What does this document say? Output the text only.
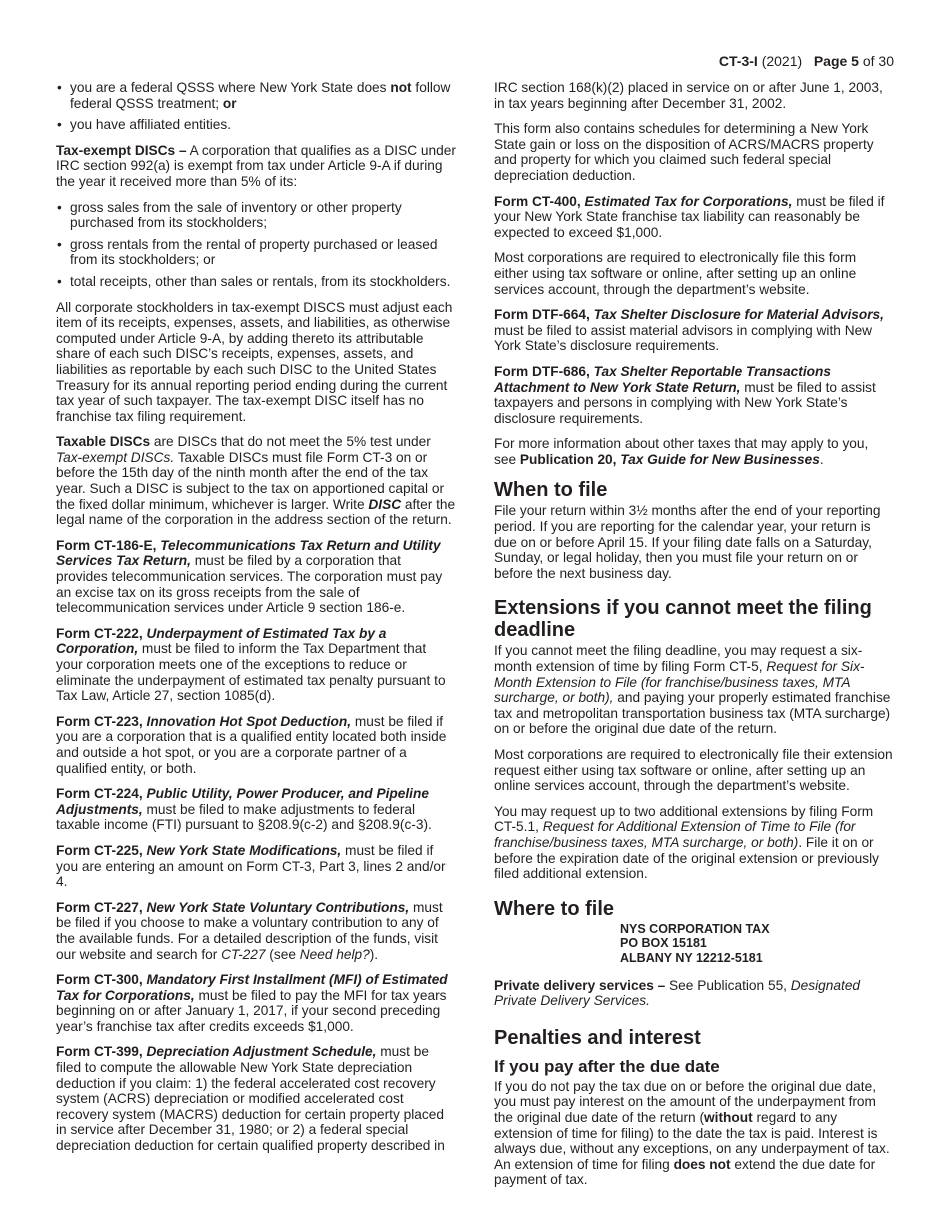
CT-3-I (2021) Page 5 of 30
• you are a federal QSSS where New York State does not follow federal QSSS treatment; or
• you have affiliated entities.

Tax-exempt DISCs – A corporation that qualifies as a DISC under IRC section 992(a) is exempt from tax under Article 9-A if during the year it received more than 5% of its:

• gross sales from the sale of inventory or other property purchased from its stockholders;
• gross rentals from the rental of property purchased or leased from its stockholders; or
• total receipts, other than sales or rentals, from its stockholders.

All corporate stockholders in tax-exempt DISCS must adjust each item of its receipts, expenses, assets, and liabilities, as otherwise computed under Article 9-A, by adding thereto its attributable share of each such DISC’s receipts, expenses, assets, and liabilities as reportable by each such DISC to the United States Treasury for its annual reporting period ending during the current tax year of such taxpayer. The tax-exempt DISC itself has no franchise tax filing requirement.

Taxable DISCs are DISCs that do not meet the 5% test under Tax-exempt DISCs. Taxable DISCs must file Form CT-3 on or before the 15th day of the ninth month after the end of the tax year. Such a DISC is subject to the tax on apportioned capital or the fixed dollar minimum, whichever is larger. Write DISC after the legal name of the corporation in the address section of the return.

Form CT-186-E, Telecommunications Tax Return and Utility Services Tax Return, must be filed by a corporation that provides telecommunication services. The corporation must pay an excise tax on its gross receipts from the sale of telecommunication services under Article 9 section 186-e.

Form CT-222, Underpayment of Estimated Tax by a Corporation, must be filed to inform the Tax Department that your corporation meets one of the exceptions to reduce or eliminate the underpayment of estimated tax penalty pursuant to Tax Law, Article 27, section 1085(d).

Form CT-223, Innovation Hot Spot Deduction, must be filed if you are a corporation that is a qualified entity located both inside and outside a hot spot, or you are a corporate partner of a qualified entity, or both.

Form CT-224, Public Utility, Power Producer, and Pipeline Adjustments, must be filed to make adjustments to federal taxable income (FTI) pursuant to §208.9(c-2) and §208.9(c-3).

Form CT-225, New York State Modifications, must be filed if you are entering an amount on Form CT-3, Part 3, lines 2 and/or 4.

Form CT-227, New York State Voluntary Contributions, must be filed if you choose to make a voluntary contribution to any of the available funds. For a detailed description of the funds, visit our website and search for CT-227 (see Need help?).

Form CT-300, Mandatory First Installment (MFI) of Estimated Tax for Corporations, must be filed to pay the MFI for tax years beginning on or after January 1, 2017, if your second preceding year’s franchise tax after credits exceeds $1,000.

Form CT-399, Depreciation Adjustment Schedule, must be filed to compute the allowable New York State depreciation deduction if you claim: 1) the federal accelerated cost recovery system (ACRS) depreciation or modified accelerated cost recovery system (MACRS) deduction for certain property placed in service after December 31, 1980; or 2) a federal special depreciation deduction for certain qualified property described in

IRC section 168(k)(2) placed in service on or after June 1, 2003, in tax years beginning after December 31, 2002.

This form also contains schedules for determining a New York State gain or loss on the disposition of ACRS/MACRS property and property for which you claimed such federal special depreciation deduction.

Form CT-400, Estimated Tax for Corporations, must be filed if your New York State franchise tax liability can reasonably be expected to exceed $1,000.

Most corporations are required to electronically file this form either using tax software or online, after setting up an online services account, through the department’s website.

Form DTF-664, Tax Shelter Disclosure for Material Advisors, must be filed to assist material advisors in complying with New York State’s disclosure requirements.

Form DTF-686, Tax Shelter Reportable Transactions Attachment to New York State Return, must be filed to assist taxpayers and persons in complying with New York State’s disclosure requirements.

For more information about other taxes that may apply to you, see Publication 20, Tax Guide for New Businesses.

When to file

File your return within 3½ months after the end of your reporting period. If you are reporting for the calendar year, your return is due on or before April 15. If your filing date falls on a Saturday, Sunday, or legal holiday, then you must file your return on or before the next business day.

Extensions if you cannot meet the filing deadline

If you cannot meet the filing deadline, you may request a six-month extension of time by filing Form CT-5, Request for Six-Month Extension to File (for franchise/business taxes, MTA surcharge, or both), and paying your properly estimated franchise tax and metropolitan transportation business tax (MTA surcharge) on or before the original due date of the return.

Most corporations are required to electronically file their extension request either using tax software or online, after setting up an online services account, through the department’s website.

You may request up to two additional extensions by filing Form CT-5.1, Request for Additional Extension of Time to File (for franchise/business taxes, MTA surcharge, or both). File it on or before the expiration date of the original extension or previously filed additional extension.

Where to file
NYS CORPORATION TAX
PO BOX 15181
ALBANY NY 12212-5181

Private delivery services – See Publication 55, Designated Private Delivery Services.

Penalties and interest
If you pay after the due date

If you do not pay the tax due on or before the original due date, you must pay interest on the amount of the underpayment from the original due date of the return (without regard to any extension of time for filing) to the date the tax is paid. Interest is always due, without any exceptions, on any underpayment of tax. An extension of time for filing does not extend the due date for payment of tax.
